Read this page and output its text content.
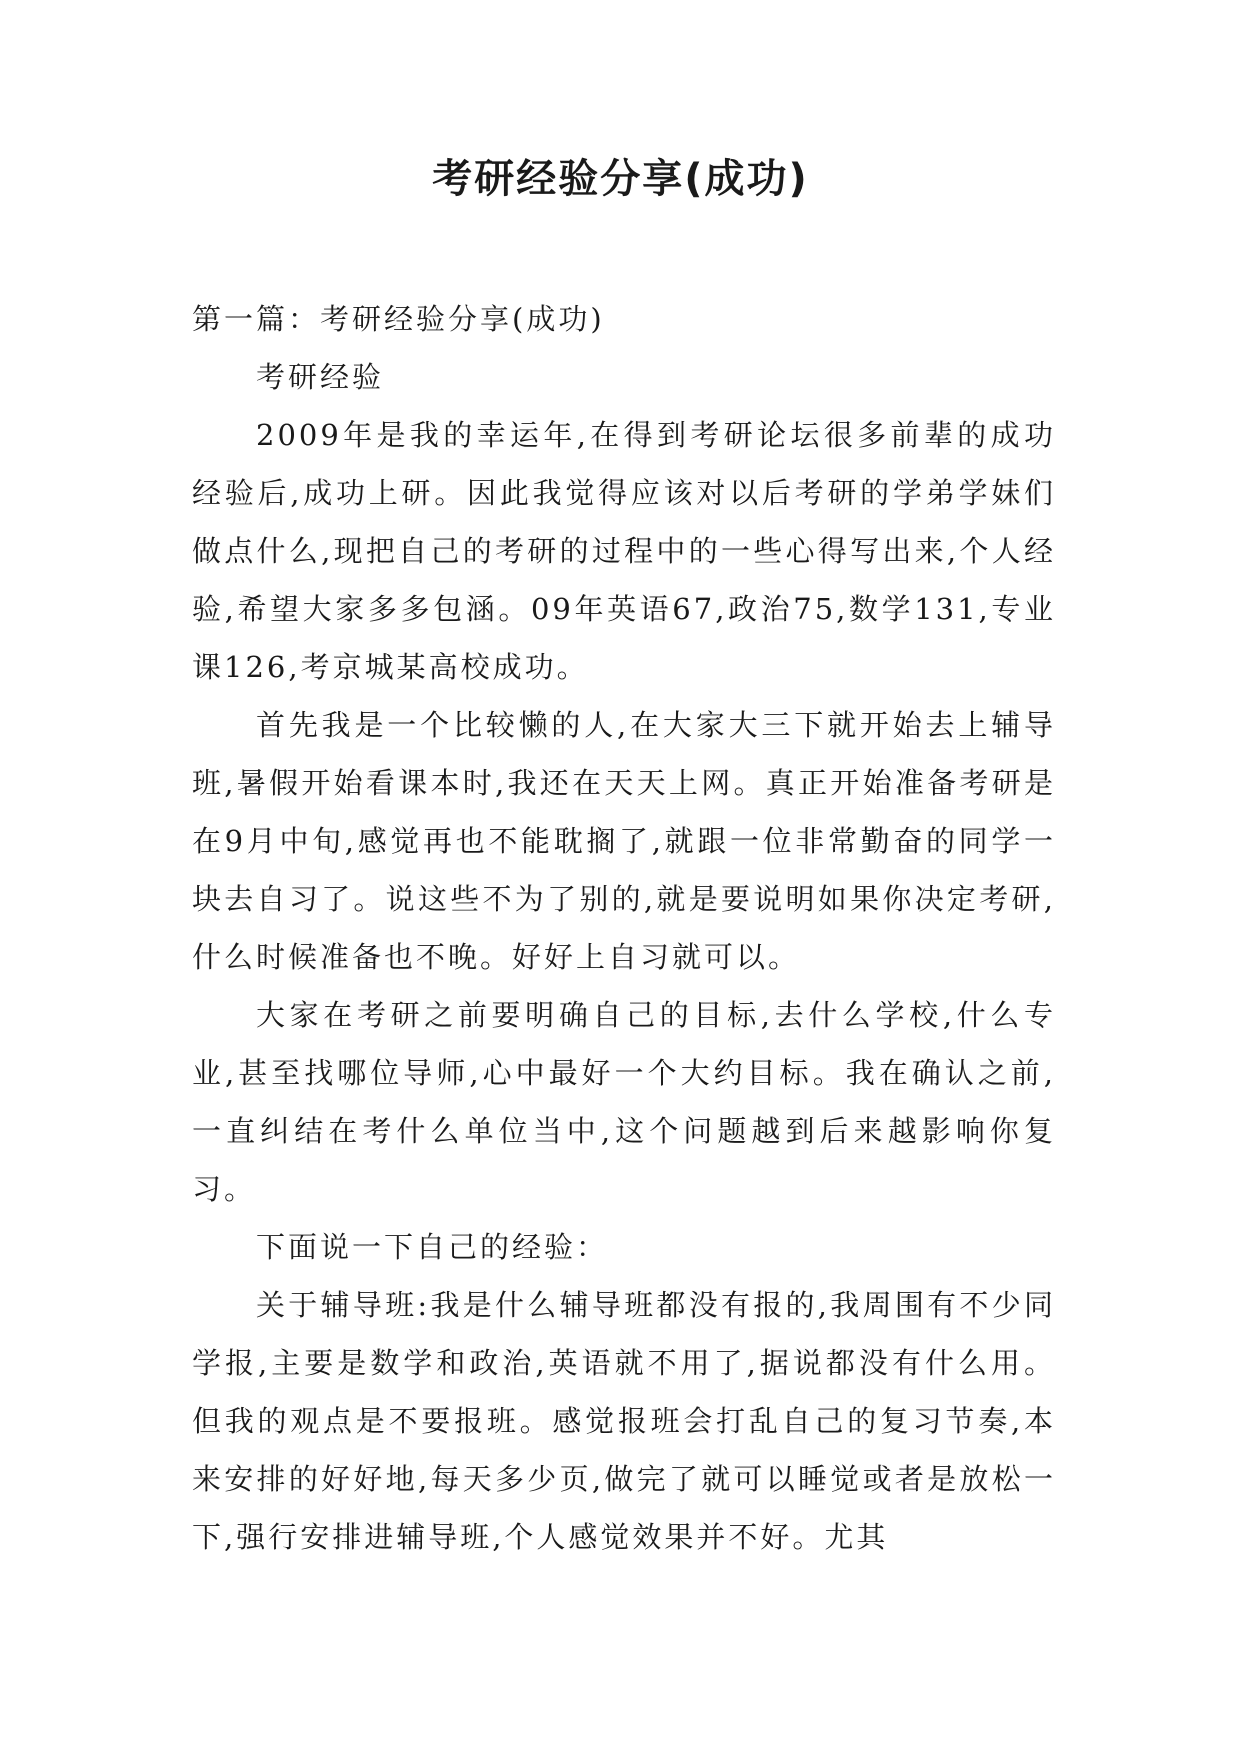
考研经验分享(成功)

第一篇：考研经验分享(成功)

考研经验

2009年是我的幸运年,在得到考研论坛很多前辈的成功经验后,成功上研。因此我觉得应该对以后考研的学弟学妹们做点什么,现把自己的考研的过程中的一些心得写出来,个人经验,希望大家多多包涵。09年英语67,政治75,数学131,专业课126,考京城某高校成功。

首先我是一个比较懒的人,在大家大三下就开始去上辅导班,暑假开始看课本时,我还在天天上网。真正开始准备考研是在9月中旬,感觉再也不能耽搁了,就跟一位非常勤奋的同学一块去自习了。说这些不为了别的,就是要说明如果你决定考研,什么时候准备也不晚。好好上自习就可以。

大家在考研之前要明确自己的目标,去什么学校,什么专业,甚至找哪位导师,心中最好一个大约目标。我在确认之前,一直纠结在考什么单位当中,这个问题越到后来越影响你复习。

下面说一下自己的经验：

关于辅导班:我是什么辅导班都没有报的,我周围有不少同学报,主要是数学和政治,英语就不用了,据说都没有什么用。但我的观点是不要报班。感觉报班会打乱自己的复习节奏,本来安排的好好地,每天多少页,做完了就可以睡觉或者是放松一下,强行安排进辅导班,个人感觉效果并不好。尤其
